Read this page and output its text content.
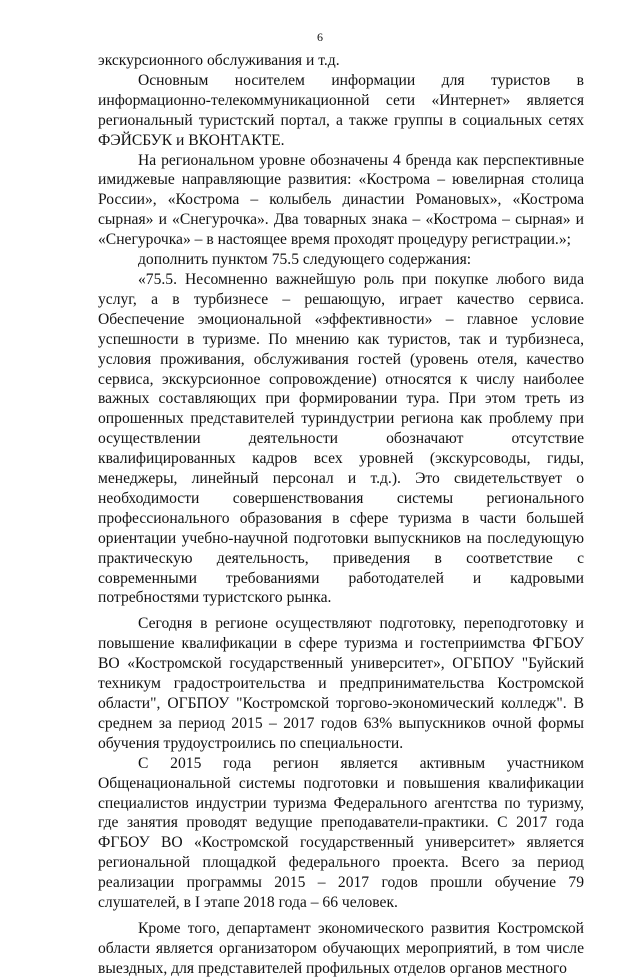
6

экскурсионного обслуживания и т.д.

Основным носителем информации для туристов в информационно-телекоммуникационной сети «Интернет» является региональный туристский портал, а также группы в социальных сетях ФЭЙСБУК и ВКОНТАКТЕ.

На региональном уровне обозначены 4 бренда как перспективные имиджевые направляющие развития: «Кострома – ювелирная столица России», «Кострома – колыбель династии Романовых», «Кострома сырная» и «Снегурочка». Два товарных знака – «Кострома – сырная» и «Снегурочка» – в настоящее время проходят процедуру регистрации.»;

дополнить пунктом 75.5 следующего содержания:

«75.5. Несомненно важнейшую роль при покупке любого вида услуг, а в турбизнесе – решающую, играет качество сервиса. Обеспечение эмоциональной «эффективности» – главное условие успешности в туризме. По мнению как туристов, так и турбизнеса, условия проживания, обслуживания гостей (уровень отеля, качество сервиса, экскурсионное сопровождение) относятся к числу наиболее важных составляющих при формировании тура. При этом треть из опрошенных представителей туриндустрии региона как проблему при осуществлении деятельности обозначают отсутствие квалифицированных кадров всех уровней (экскурсоводы, гиды, менеджеры, линейный персонал и т.д.). Это свидетельствует о необходимости совершенствования системы регионального профессионального образования в сфере туризма в части большей ориентации учебно-научной подготовки выпускников на последующую практическую деятельность, приведения в соответствие с современными требованиями работодателей и кадровыми потребностями туристского рынка.

Сегодня в регионе осуществляют подготовку, переподготовку и повышение квалификации в сфере туризма и гостеприимства ФГБОУ ВО «Костромской государственный университет», ОГБПОУ "Буйский техникум градостроительства и предпринимательства Костромской области", ОГБПОУ "Костромской торгово-экономический колледж". В среднем за период 2015 – 2017 годов 63% выпускников очной формы обучения трудоустроились по специальности.

С 2015 года регион является активным участником Общенациональной системы подготовки и повышения квалификации специалистов индустрии туризма Федерального агентства по туризму, где занятия проводят ведущие преподаватели-практики. С 2017 года ФГБОУ ВО «Костромской государственный университет» является региональной площадкой федерального проекта. Всего за период реализации программы 2015 – 2017 годов прошли обучение 79 слушателей, в I этапе 2018 года – 66 человек.

Кроме того, департамент экономического развития Костромской области является организатором обучающих мероприятий, в том числе выездных, для представителей профильных отделов органов местного
